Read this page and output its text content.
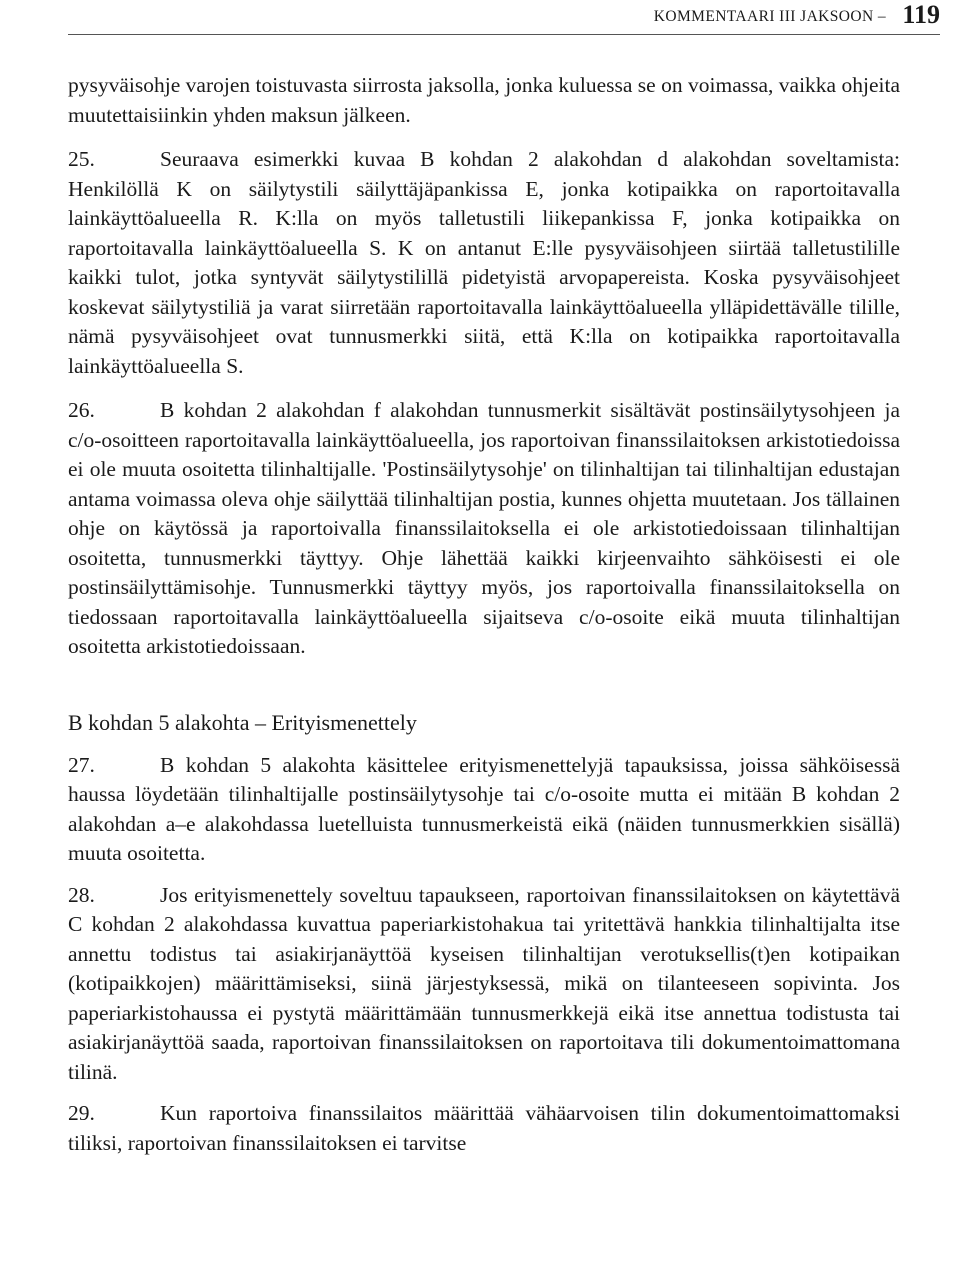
KOMMENTAARI III JAKSOON – 119

pysyväisohje varojen toistuvasta siirrosta jaksolla, jonka kuluessa se on voimassa, vaikka ohjeita muutettaisiinkin yhden maksun jälkeen.

25.	Seuraava esimerkki kuvaa B kohdan 2 alakohdan d alakohdan soveltamista: Henkilöllä K on säilytystili säilyttäjäpankissa E, jonka kotipaikka on raportoitavalla lainkäyttöalueella R. K:lla on myös talletustili liikepankissa F, jonka kotipaikka on raportoitavalla lainkäyttöalueella S. K on antanut E:lle pysyväisohjeen siirtää talletustilille kaikki tulot, jotka syntyvät säilytystilillä pidetyistä arvopapereista. Koska pysyväisohjeet koskevat säilytystiliä ja varat siirretään raportoitavalla lainkäyttöalueella ylläpidettävälle tilille, nämä pysyväisohjeet ovat tunnusmerkki siitä, että K:lla on kotipaikka raportoitavalla lainkäyttöalueella S.

26.	B kohdan 2 alakohdan f alakohdan tunnusmerkit sisältävät postinsäilytysohjeen ja c/o-osoitteen raportoitavalla lainkäyttöalueella, jos raportoivan finanssilaitoksen arkistotiedoissa ei ole muuta osoitetta tilinhaltijalle. 'Postinsäilytysohje' on tilinhaltijan tai tilinhaltijan edustajan antama voimassa oleva ohje säilyttää tilinhaltijan postia, kunnes ohjetta muutetaan. Jos tällainen ohje on käytössä ja raportoivalla finanssilaitoksella ei ole arkistotiedoissaan tilinhaltijan osoitetta, tunnusmerkki täyttyy. Ohje lähettää kaikki kirjeenvaihto sähköisesti ei ole postinsäilyttämisohje. Tunnusmerkki täyttyy myös, jos raportoivalla finanssilaitoksella on tiedossaan raportoitavalla lainkäyttöalueella sijaitseva c/o-osoite eikä muuta tilinhaltijan osoitetta arkistotiedoissaan.

B kohdan 5 alakohta – Erityismenettely

27.	B kohdan 5 alakohta käsittelee erityismenettelyjä tapauksissa, joissa sähköisessä haussa löydetään tilinhaltijalle postinsäilytysohje tai c/o-osoite mutta ei mitään B kohdan 2 alakohdan a–e alakohdassa luetelluista tunnusmerkeistä eikä (näiden tunnusmerkkien sisällä) muuta osoitetta.

28.	Jos erityismenettely soveltuu tapaukseen, raportoivan finanssilaitoksen on käytettävä C kohdan 2 alakohdassa kuvattua paperiarkistohakua tai yritettävä hankkia tilinhaltijalta itse annettu todistus tai asiakirjanäyttöä kyseisen tilinhaltijan verotuksellis(t)en kotipaikan (kotipaikkojen) määrittämiseksi, siinä järjestyksessä, mikä on tilanteeseen sopivinta. Jos paperiarkistohaussa ei pystytä määrittämään tunnusmerkkejä eikä itse annettua todistusta tai asiakirjanäyttöä saada, raportoivan finanssilaitoksen on raportoitava tili dokumentoimattomana tilinä.

29.	Kun raportoiva finanssilaitos määrittää vähäarvoisen tilin dokumentoimattomaksi tiliksi, raportoivan finanssilaitoksen ei tarvitse
